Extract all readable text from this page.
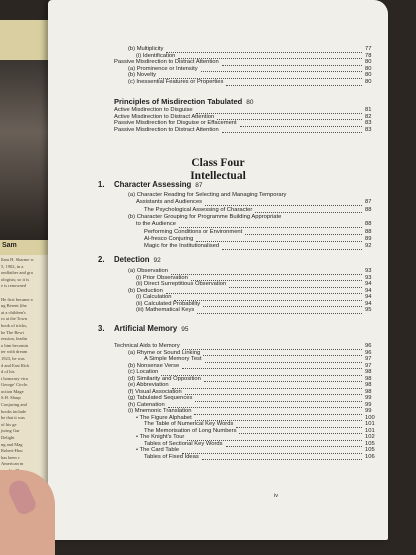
Sam
llam H. Sharme w
5, 1902, in a
ondfather and gra
ologists; so it is
e is renowned

He first became a
ng Berent (the
at a children's
ro at the Town
book of tricks,
he The Bewi
ression, leadin
o him becomin
ter with dream
1923, he was
d and East Rick
d of his
t honorary viru
George' Circle.
uction Mage
S.H. Sharp
Conjuring and
books include
be that it was
of his ge
juring Gar
Delight
ng and Mag
Robert-Hou
has been c
American m
Class Four
Intellectual
iv
(b) Multiplicity	77
(i) Identification	78
Passive Misdirection to Distract Attention	80
(a) Prominence or Intensity	80
(b) Novelty	80
(c) Inessential Features or Properties	80
Principles of Misdirection Tabulated 80
Active Misdirection to Disguise	81
Active Misdirection to Distract Attention	82
Passive Misdirection for Disguise or Effacement	83
Passive Misdirection to Distract Attention	83
1. Character Assessing 87
(a) Character Reading for Selecting and Managing Temporary
Assistants and Audiences	87
The Psychological Assessing of Character	88
(b) Character Grouping for Programme Building Appropriate
to the Audience	88
Performing Conditions or Environment	88
Al-fresco Conjuring	89
Magic for the Institutionalised	92
2. Detection 92
(a) Observation	93
(i) Prior Observation	93
(ii) Direct Surreptitious Observation	94
(b) Deduction	94
(i) Calculation	94
(ii) Calculated Probability	94
(iii) Mathematical Keys	95
3. Artificial Memory 95
Technical Aids to Memory	96
(a) Rhyme or Sound Linking	96
A Simple Memory Test	97
(b) Nonsense Verse	97
(c) Location	98
(d) Similarity and Opposition	98
(e) Abbreviation	98
(f) Visual Association	98
(g) Tabulated Sequences	99
(h) Catenation	99
(i) Mnemonic Translation	99
• The Figure Alphabet	100
The Table of Numerical Key Words	101
The Memorisation of Long Numbers	101
• The Knight's Tour	102
Tables of Sectional Key Words	105
• The Card Table	105
Tables of Fixed Ideas	106
